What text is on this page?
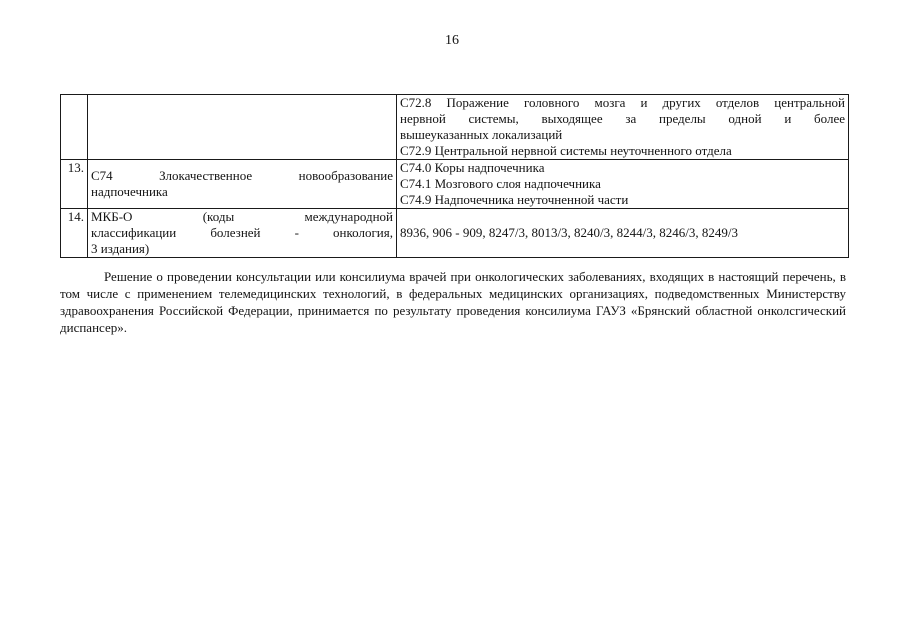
16

		C72.8 Поражение головного мозга и других отделов центральной
нервной системы, выходящее за пределы одной и более
вышеуказанных локализаций
C72.9 Центральной нервной системы неуточненного отдела

13.	C74 Злокачественное новообразование
надпочечника	C74.0 Коры надпочечника
C74.1 Мозгового слоя надпочечника
C74.9 Надпочечника неуточненной части

14.	МКБ-О (коды международной
классификации болезней - онкология,
3 издания)	8936, 906 - 909, 8247/3, 8013/3, 8240/3, 8244/3, 8246/3, 8249/3
Решение о проведении консультации или консилиума врачей при онкологических заболеваниях, входящих в настоящий перечень, в том числе с применением телемедицинских технологий, в федеральных медицинских организациях, подведомственных Министерству здравоохранения Российской Федерации, принимается по результату проведения консилиума ГАУЗ «Брянский областной онколсгический диспансер».
